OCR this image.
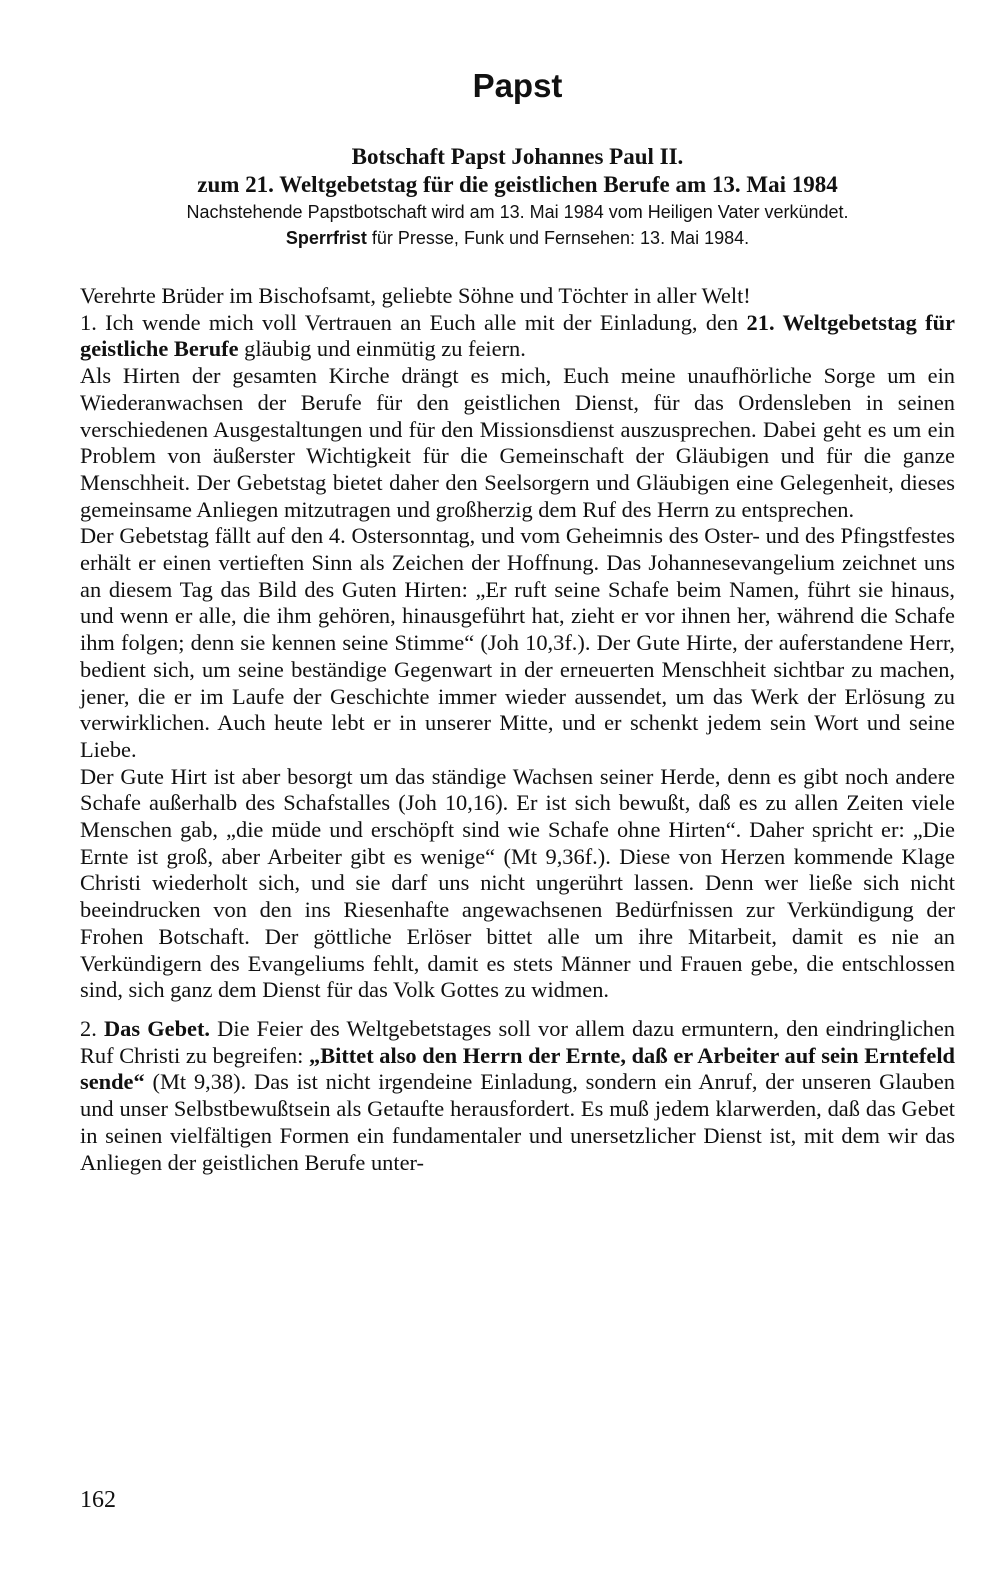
Papst
Botschaft Papst Johannes Paul II.
zum 21. Weltgebetstag für die geistlichen Berufe am 13. Mai 1984
Nachstehende Papstbotschaft wird am 13. Mai 1984 vom Heiligen Vater verkündet.
Sperrfrist für Presse, Funk und Fernsehen: 13. Mai 1984.

Verehrte Brüder im Bischofsamt, geliebte Söhne und Töchter in aller Welt!

1. Ich wende mich voll Vertrauen an Euch alle mit der Einladung, den 21. Weltgebetstag für geistliche Berufe gläubig und einmütig zu feiern.

Als Hirten der gesamten Kirche drängt es mich, Euch meine unaufhörliche Sorge um ein Wiederanwachsen der Berufe für den geistlichen Dienst, für das Ordensleben in seinen verschiedenen Ausgestaltungen und für den Missionsdienst auszusprechen. Dabei geht es um ein Problem von äußerster Wichtigkeit für die Gemeinschaft der Gläubigen und für die ganze Menschheit. Der Gebetstag bietet daher den Seelsorgern und Gläubigen eine Gelegenheit, dieses gemeinsame Anliegen mitzutragen und großherzig dem Ruf des Herrn zu entsprechen.

Der Gebetstag fällt auf den 4. Ostersonntag, und vom Geheimnis des Oster- und des Pfingstfestes erhält er einen vertieften Sinn als Zeichen der Hoffnung. Das Johannesevangelium zeichnet uns an diesem Tag das Bild des Guten Hirten: „Er ruft seine Schafe beim Namen, führt sie hinaus, und wenn er alle, die ihm gehören, hinausgeführt hat, zieht er vor ihnen her, während die Schafe ihm folgen; denn sie kennen seine Stimme“ (Joh 10,3f.). Der Gute Hirte, der auferstandene Herr, bedient sich, um seine beständige Gegenwart in der erneuerten Menschheit sichtbar zu machen, jener, die er im Laufe der Geschichte immer wieder aussendet, um das Werk der Erlösung zu verwirklichen. Auch heute lebt er in unserer Mitte, und er schenkt jedem sein Wort und seine Liebe.

Der Gute Hirt ist aber besorgt um das ständige Wachsen seiner Herde, denn es gibt noch andere Schafe außerhalb des Schafstalles (Joh 10,16). Er ist sich bewußt, daß es zu allen Zeiten viele Menschen gab, „die müde und erschöpft sind wie Schafe ohne Hirten“. Daher spricht er: „Die Ernte ist groß, aber Arbeiter gibt es wenige“ (Mt 9,36f.). Diese von Herzen kommende Klage Christi wiederholt sich, und sie darf uns nicht ungerührt lassen. Denn wer ließe sich nicht beeindrucken von den ins Riesenhafte angewachsenen Bedürfnissen zur Verkündigung der Frohen Botschaft. Der göttliche Erlöser bittet alle um ihre Mitarbeit, damit es nie an Verkündigern des Evangeliums fehlt, damit es stets Männer und Frauen gebe, die entschlossen sind, sich ganz dem Dienst für das Volk Gottes zu widmen.

2. Das Gebet. Die Feier des Weltgebetstages soll vor allem dazu ermuntern, den eindringlichen Ruf Christi zu begreifen: „Bittet also den Herrn der Ernte, daß er Arbeiter auf sein Erntefeld sende“ (Mt 9,38). Das ist nicht irgendeine Einladung, sondern ein Anruf, der unseren Glauben und unser Selbstbewußtsein als Getaufte herausfordert. Es muß jedem klarwerden, daß das Gebet in seinen vielfältigen Formen ein fundamentaler und unersetzlicher Dienst ist, mit dem wir das Anliegen der geistlichen Berufe unter-

162
